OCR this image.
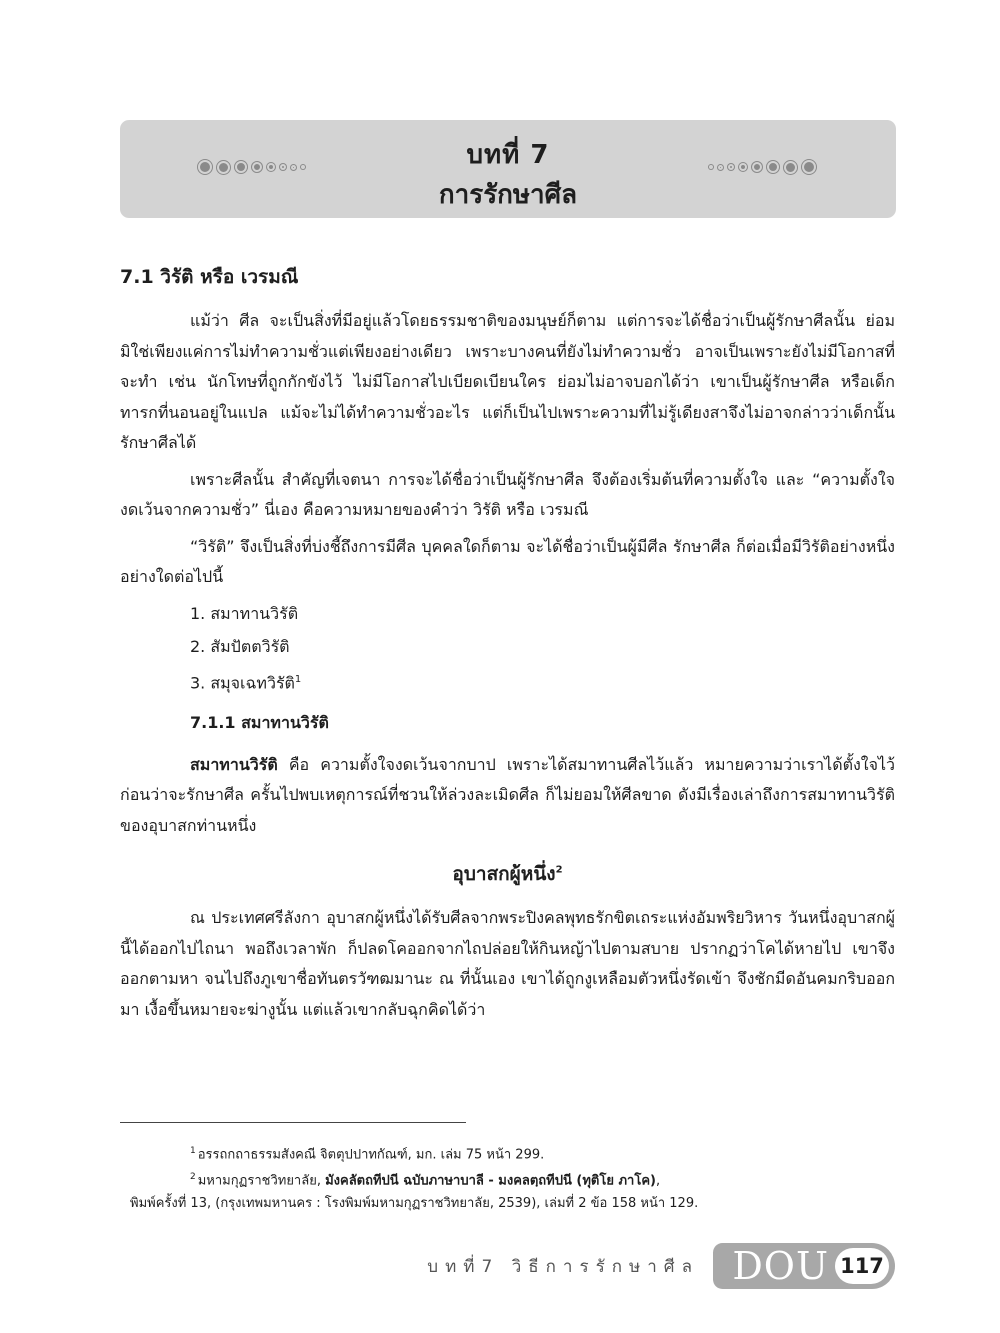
บทที่ 7
การรักษาศีล
7.1 วิรัติ หรือ เวรมณี

แม้ว่า ศีล จะเป็นสิ่งที่มีอยู่แล้วโดยธรรมชาติของมนุษย์ก็ตาม แต่การจะได้ชื่อว่าเป็นผู้รักษาศีลนั้น ย่อมมิใช่เพียงแค่การไม่ทำความชั่วแต่เพียงอย่างเดียว เพราะบางคนที่ยังไม่ทำความชั่ว อาจเป็นเพราะยังไม่มีโอกาสที่จะทำ เช่น นักโทษที่ถูกกักขังไว้ ไม่มีโอกาสไปเบียดเบียนใคร ย่อมไม่อาจบอกได้ว่า เขาเป็นผู้รักษาศีล หรือเด็กทารกที่นอนอยู่ในแปล แม้จะไม่ได้ทำความชั่วอะไร แต่ก็เป็นไปเพราะความที่ไม่รู้เดียงสาจึงไม่อาจกล่าวว่าเด็กนั้นรักษาศีลได้

เพราะศีลนั้น สำคัญที่เจตนา การจะได้ชื่อว่าเป็นผู้รักษาศีล จึงต้องเริ่มต้นที่ความตั้งใจ และ “ความตั้งใจงดเว้นจากความชั่ว” นี่เอง คือความหมายของคำว่า วิรัติ หรือ เวรมณี

“วิรัติ” จึงเป็นสิ่งที่บ่งชี้ถึงการมีศีล บุคคลใดก็ตาม จะได้ชื่อว่าเป็นผู้มีศีล รักษาศีล ก็ต่อเมื่อมีวิรัติอย่างหนึ่งอย่างใดต่อไปนี้

1. สมาทานวิรัติ
2. สัมปัตตวิรัติ
3. สมุจเฉทวิรัติ$^1$
7.1.1 สมาทานวิรัติ

สมาทานวิรัติ คือ ความตั้งใจงดเว้นจากบาป เพราะได้สมาทานศีลไว้แล้ว หมายความว่าเราได้ตั้งใจไว้ก่อนว่าจะรักษาศีล ครั้นไปพบเหตุการณ์ที่ชวนให้ล่วงละเมิดศีล ก็ไม่ยอมให้ศีลขาด ดังมีเรื่องเล่าถึงการสมาทานวิรัติของอุบาสกท่านหนึ่ง

อุบาสกผู้หนึ่ง$^2$

ณ ประเทศศรีลังกา อุบาสกผู้หนึ่งได้รับศีลจากพระปิงคลพุทธรักขิตเถระแห่งอัมพริยวิหาร วันหนึ่งอุบาสกผู้นี้ได้ออกไปไถนา พอถึงเวลาพัก ก็ปลดโคออกจากไถปล่อยให้กินหญ้าไปตามสบาย ปรากฏว่าโคได้หายไป เขาจึงออกตามหา จนไปถึงภูเขาชื่อทันตรวัฑฒมานะ ณ ที่นั้นเอง เขาได้ถูกงูเหลือมตัวหนึ่งรัดเข้า จึงชักมีดอันคมกริบออกมา เงื้อขึ้นหมายจะฆ่างูนั้น แต่แล้วเขากลับฉุกคิดได้ว่า

$^1$ อรรถกถาธรรมสังคณี จิตตุปปาทกัณฑ์, มก. เล่ม 75 หน้า 299.
$^2$ มหามกุฏราชวิทยาลัย, มังคลัตถทีปนี ฉบับภาษาบาลี - มงคลตฺถทีปนี (ทุติโย ภาโค),
พิมพ์ครั้งที่ 13, (กรุงเทพมหานคร : โรงพิมพ์มหามกุฏราชวิทยาลัย, 2539), เล่มที่ 2 ข้อ 158 หน้า 129.
บทที่7 วิธีการรักษาศีล DOU 117
